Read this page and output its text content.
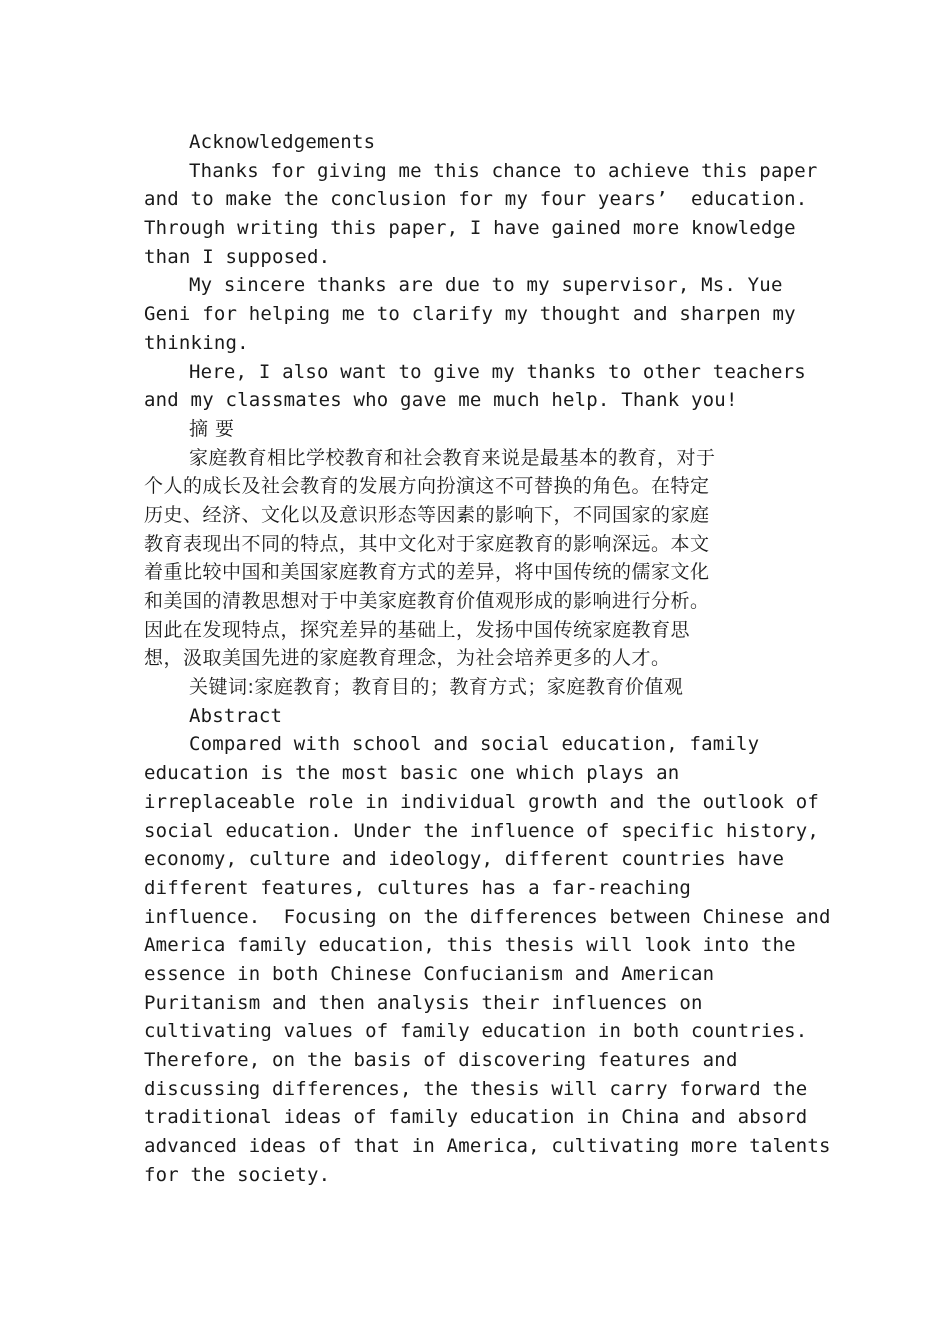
Acknowledgements
Thanks for giving me this chance to achieve this paper
and to make the conclusion for my four years’  education.
Through writing this paper, I have gained more knowledge
than I supposed.
My sincere thanks are due to my supervisor, Ms. Yue
Geni for helping me to clarify my thought and sharpen my
thinking.
Here, I also want to give my thanks to other teachers
and my classmates who gave me much help. Thank you!
摘 要
家庭教育相比学校教育和社会教育来说是最基本的教育，对于
个人的成长及社会教育的发展方向扮演这不可替换的角色。在特定
历史、经济、文化以及意识形态等因素的影响下，不同国家的家庭
教育表现出不同的特点，其中文化对于家庭教育的影响深远。本文
着重比较中国和美国家庭教育方式的差异，将中国传统的儒家文化
和美国的清教思想对于中美家庭教育价值观形成的影响进行分析。
因此在发现特点，探究差异的基础上，发扬中国传统家庭教育思
想，汲取美国先进的家庭教育理念，为社会培养更多的人才。
关键词:家庭教育；教育目的；教育方式；家庭教育价值观
Abstract
Compared with school and social education, family
education is the most basic one which plays an
irreplaceable role in individual growth and the outlook of
social education. Under the influence of specific history,
economy, culture and ideology, different countries have
different features, cultures has a far-reaching
influence.  Focusing on the differences between Chinese and
America family education, this thesis will look into the
essence in both Chinese Confucianism and American
Puritanism and then analysis their influences on
cultivating values of family education in both countries.
Therefore, on the basis of discovering features and
discussing differences, the thesis will carry forward the
traditional ideas of family education in China and absord
advanced ideas of that in America, cultivating more talents
for the society.
